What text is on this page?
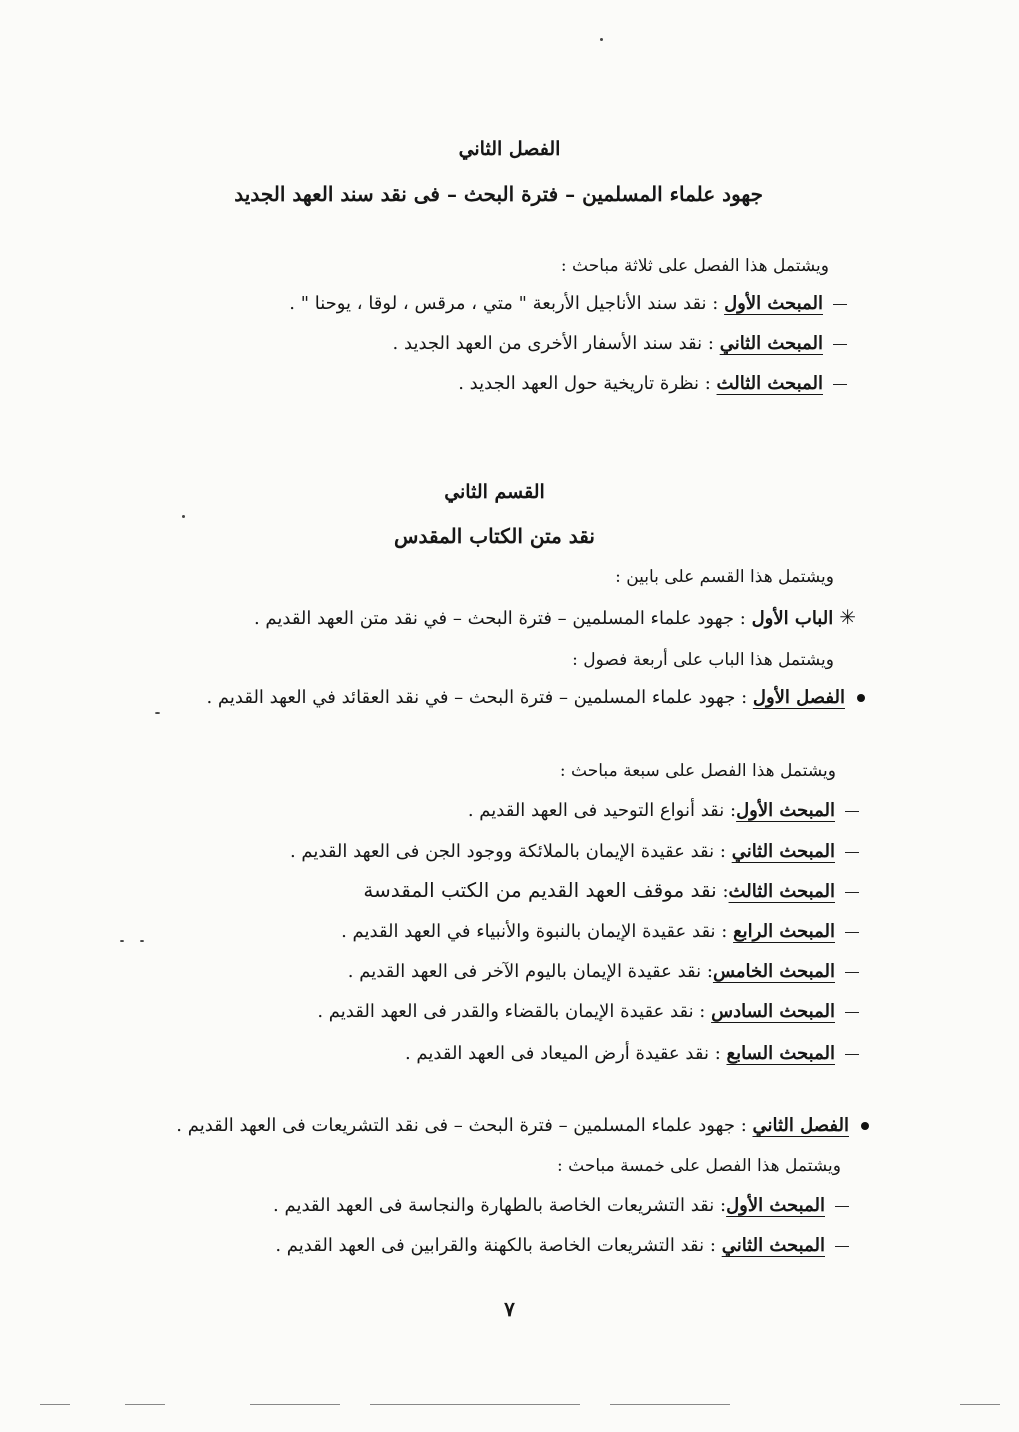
الفصل الثاني
جهود علماء المسلمين – فترة البحث – فى نقد سند العهد الجديد
ويشتمل هذا الفصل على ثلاثة مباحث :
المبحث الأول : نقد سند الأناجيل الأربعة " متي ، مرقس ، لوقا ، يوحنا " .
المبحث الثاني : نقد سند الأسفار الأخرى من العهد الجديد .
المبحث الثالث : نظرة تاريخية حول العهد الجديد .
القسم الثاني
نقد متن الكتاب المقدس
ويشتمل هذا القسم على بابين :
✳الباب الأول : جهود علماء المسلمين – فترة البحث – في نقد متن العهد القديم .
ويشتمل هذا الباب على أربعة فصول :
الفصل الأول : جهود علماء المسلمين – فترة البحث – في نقد العقائد في العهد القديم .
ويشتمل هذا الفصل على سبعة مباحث :
المبحث الأول: نقد أنواع التوحيد فى العهد القديم .
المبحث الثاني : نقد عقيدة الإيمان بالملائكة ووجود الجن فى العهد القديم .
المبحث الثالث: نقد موقف العهد القديم من الكتب المقدسة
المبحث الرابع : نقد عقيدة الإيمان بالنبوة والأنبياء في العهد القديم .
المبحث الخامس: نقد عقيدة الإيمان باليوم الآخر فى العهد القديم .
المبحث السادس : نقد عقيدة الإيمان بالقضاء والقدر فى العهد القديم .
المبحث السابع : نقد عقيدة أرض الميعاد فى العهد القديم .
الفصل الثاني : جهود علماء المسلمين – فترة البحث – فى نقد التشريعات فى العهد القديم .
ويشتمل هذا الفصل على خمسة مباحث :
المبحث الأول: نقد التشريعات الخاصة بالطهارة والنجاسة فى العهد القديم .
المبحث الثاني : نقد التشريعات الخاصة بالكهنة والقرابين فى العهد القديم .
٧
